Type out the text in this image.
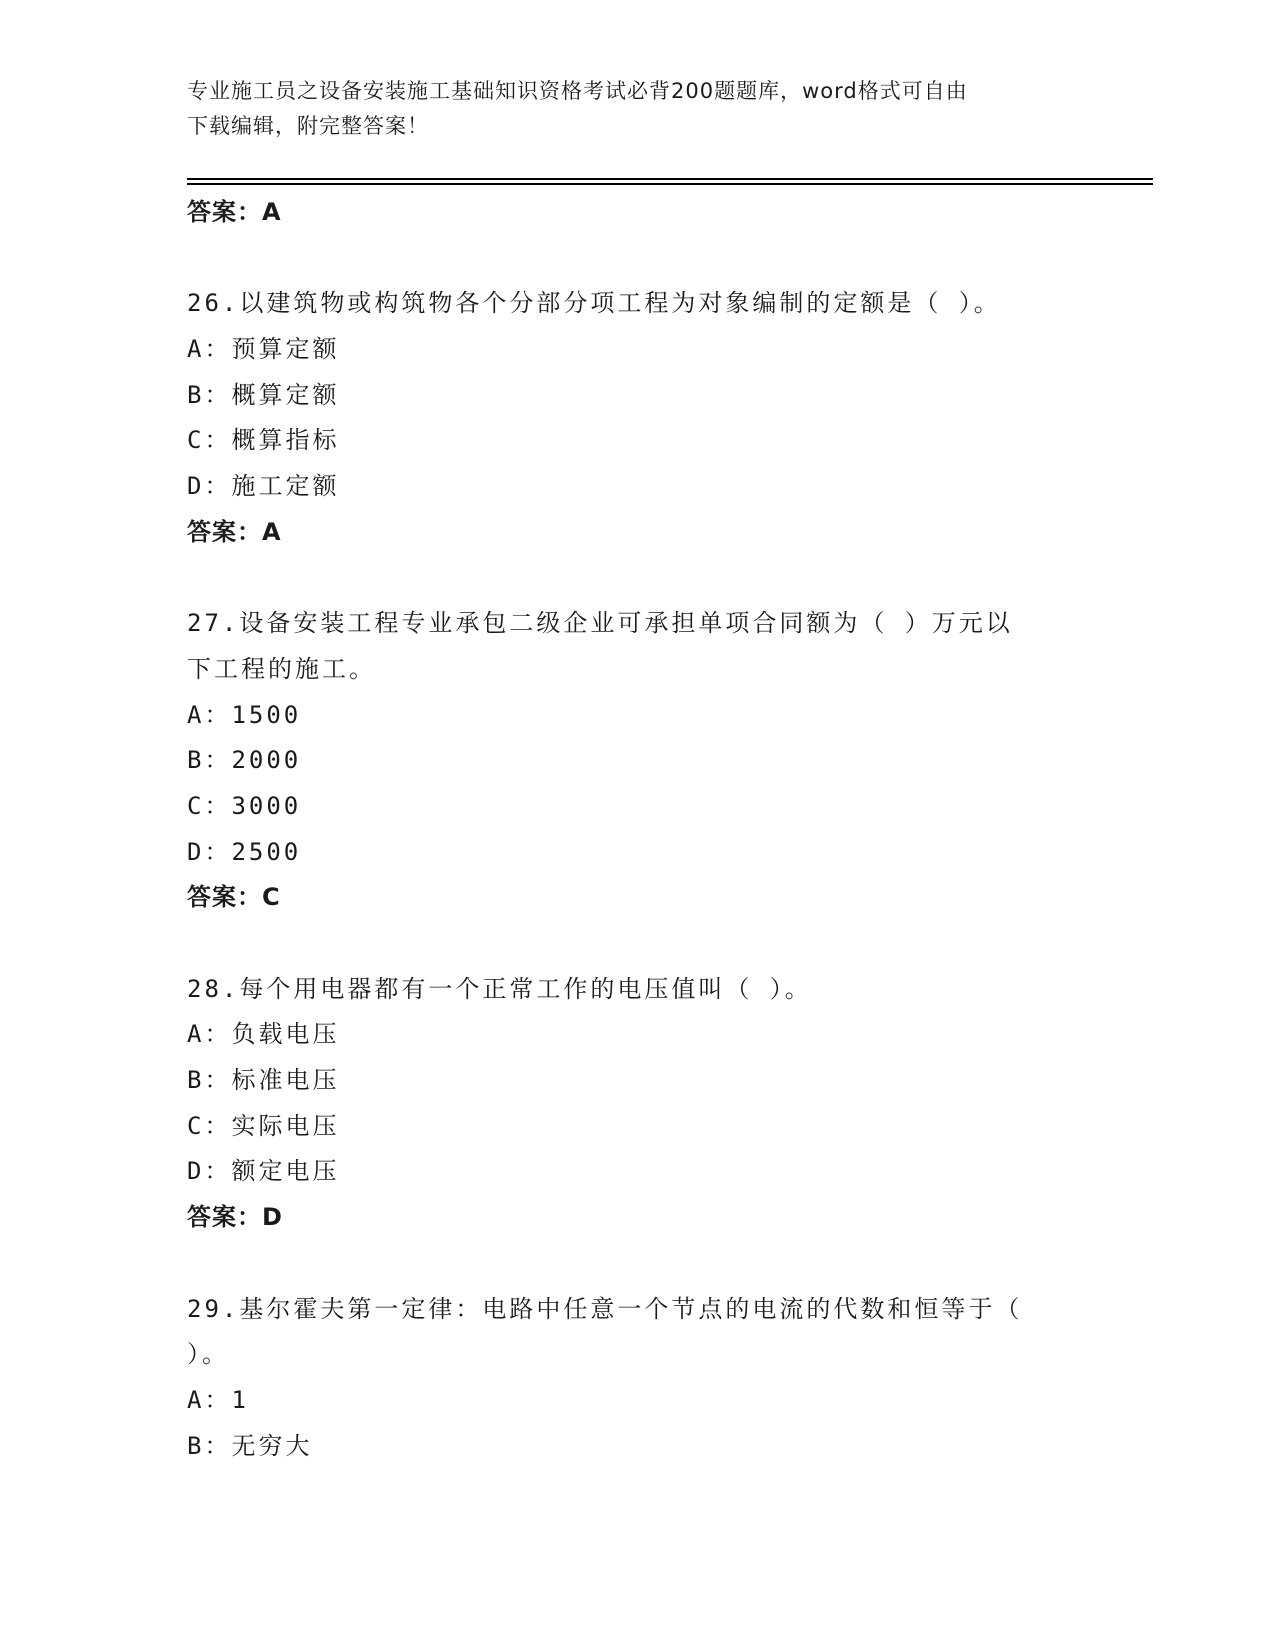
专业施工员之设备安装施工基础知识资格考试必背200题题库，word格式可自由
下载编辑，附完整答案！
答案：A
26.以建筑物或构筑物各个分部分项工程为对象编制的定额是（ ）。
A：预算定额
B：概算定额
C：概算指标
D：施工定额
答案：A
27.设备安装工程专业承包二级企业可承担单项合同额为（ ）万元以
下工程的施工。
A：1500
B：2000
C：3000
D：2500
答案：C
28.每个用电器都有一个正常工作的电压值叫（ ）。
A：负载电压
B：标准电压
C：实际电压
D：额定电压
答案：D
29.基尔霍夫第一定律：电路中任意一个节点的电流的代数和恒等于（
）。
A：1
B：无穷大
